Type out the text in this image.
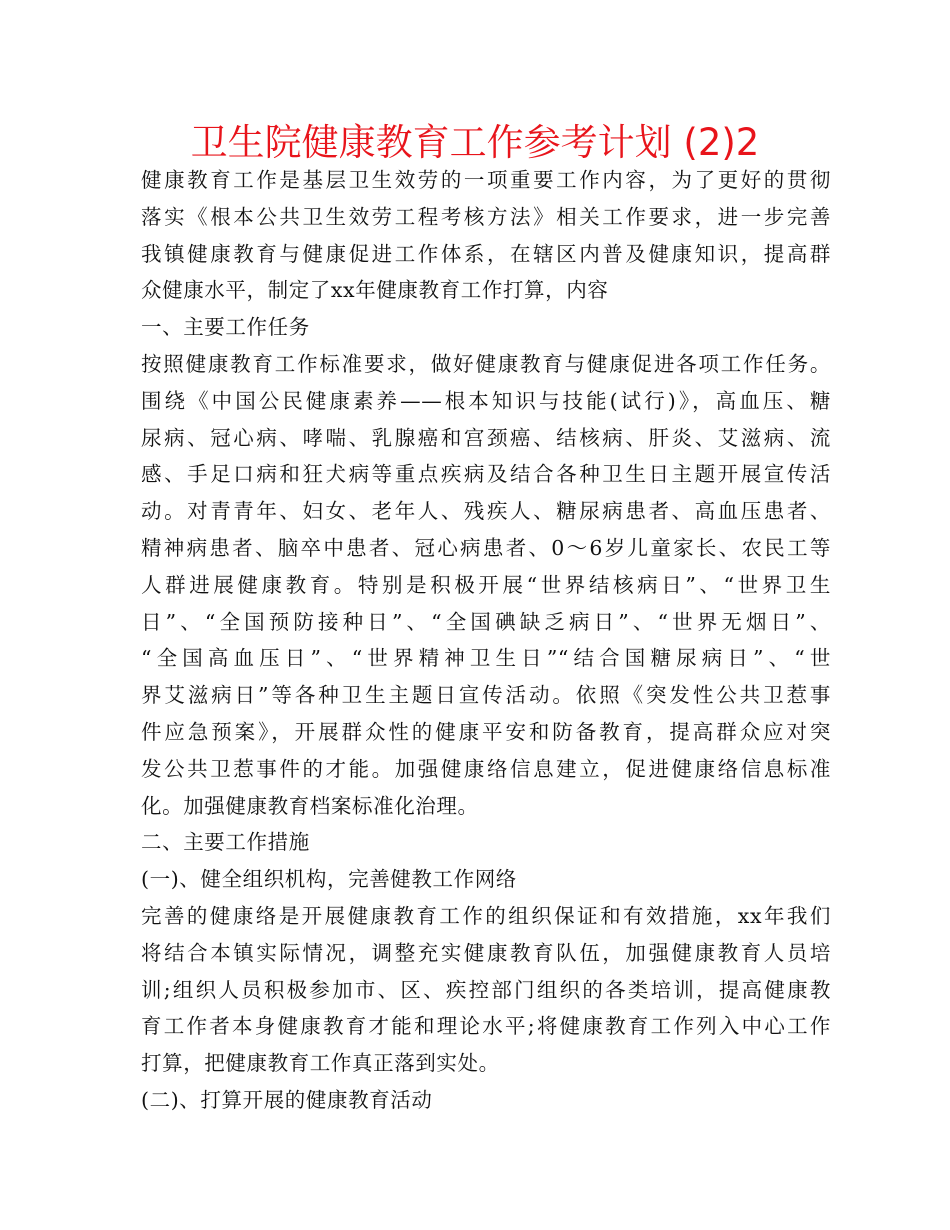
卫生院健康教育工作参考计划 (2)2
健康教育工作是基层卫生效劳的一项重要工作内容，为了更好的贯彻
落实《根本公共卫生效劳工程考核方法》相关工作要求，进一步完善
我镇健康教育与健康促进工作体系，在辖区内普及健康知识，提高群
众健康水平，制定了xx年健康教育工作打算，内容
一、主要工作任务
按照健康教育工作标准要求，做好健康教育与健康促进各项工作任务。
围绕《中国公民健康素养——根本知识与技能(试行)》，高血压、糖
尿病、冠心病、哮喘、乳腺癌和宫颈癌、结核病、肝炎、艾滋病、流
感、手足口病和狂犬病等重点疾病及结合各种卫生日主题开展宣传活
动。对青青年、妇女、老年人、残疾人、糖尿病患者、高血压患者、
精神病患者、脑卒中患者、冠心病患者、0～6岁儿童家长、农民工等
人群进展健康教育。特别是积极开展“世界结核病日”、“世界卫生
日”、“全国预防接种日”、“全国碘缺乏病日”、“世界无烟日”、
“全国高血压日”、“世界精神卫生日”“结合国糖尿病日”、“世
界艾滋病日”等各种卫生主题日宣传活动。依照《突发性公共卫惹事
件应急预案》，开展群众性的健康平安和防备教育，提高群众应对突
发公共卫惹事件的才能。加强健康络信息建立，促进健康络信息标准
化。加强健康教育档案标准化治理。
二、主要工作措施
(一)、健全组织机构，完善健教工作网络
完善的健康络是开展健康教育工作的组织保证和有效措施，xx年我们
将结合本镇实际情况，调整充实健康教育队伍，加强健康教育人员培
训;组织人员积极参加市、区、疾控部门组织的各类培训，提高健康教
育工作者本身健康教育才能和理论水平;将健康教育工作列入中心工作
打算，把健康教育工作真正落到实处。
(二)、打算开展的健康教育活动
